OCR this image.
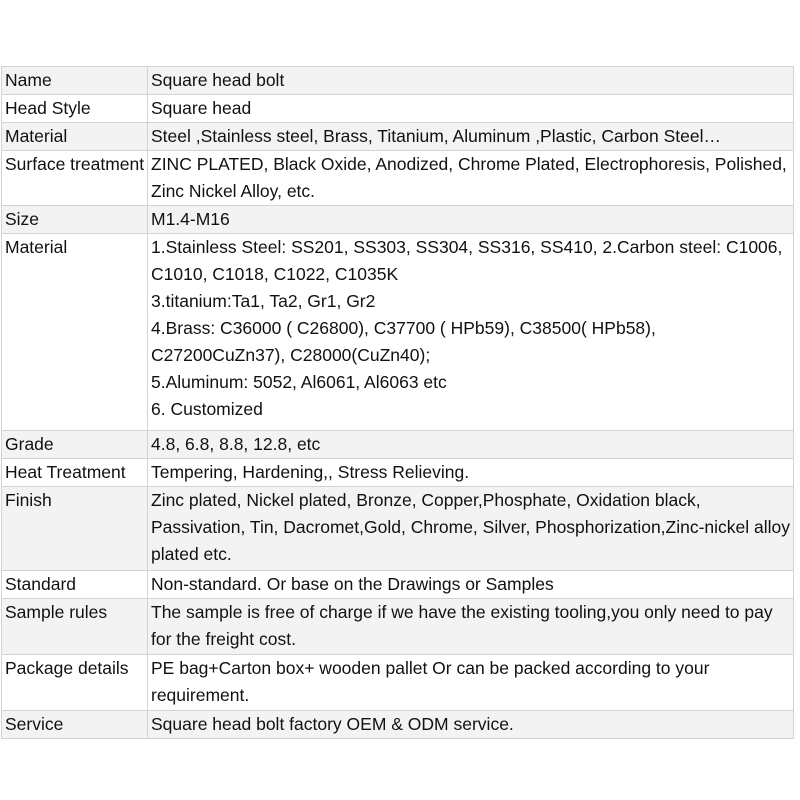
Name	Square head bolt
Head Style	Square head
Material	Steel ,Stainless steel, Brass, Titanium, Aluminum ,Plastic, Carbon Steel…
Surface treatment	ZINC PLATED, Black Oxide, Anodized, Chrome Plated, Electrophoresis, Polished, Zinc Nickel Alloy, etc.
Size	M1.4-M16
Material	1.Stainless Steel: SS201, SS303, SS304, SS316, SS410, 2.Carbon steel: C1006, C1010, C1018, C1022, C1035K
3.titanium:Ta1, Ta2, Gr1, Gr2
4.Brass: C36000 ( C26800), C37700 ( HPb59), C38500( HPb58), C27200CuZn37), C28000(CuZn40);
5.Aluminum: 5052, Al6061, Al6063 etc
6. Customized

Grade	4.8, 6.8, 8.8, 12.8, etc
Heat Treatment	Tempering, Hardening,, Stress Relieving.
Finish	Zinc plated, Nickel plated, Bronze, Copper,Phosphate, Oxidation black, Passivation, Tin, Dacromet,Gold, Chrome, Silver, Phosphorization,Zinc-nickel alloy plated etc.
Standard	Non-standard. Or base on the Drawings or Samples
Sample rules	The sample is free of charge if we have the existing tooling,you only need to pay for the freight cost.
Package details	PE bag+Carton box+ wooden pallet Or can be packed according to your requirement.
Service	Square head bolt factory OEM & ODM service.
